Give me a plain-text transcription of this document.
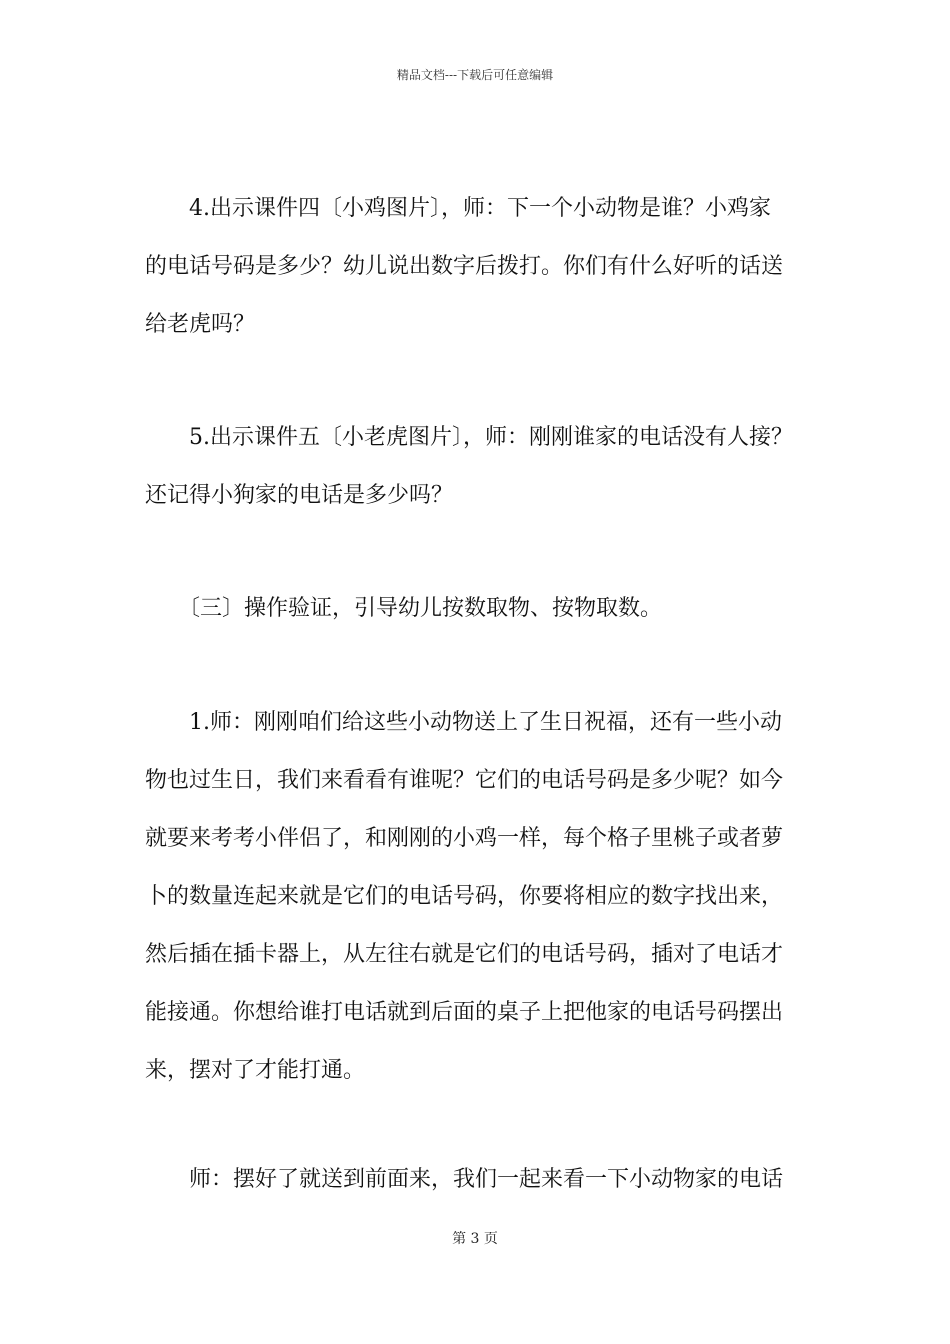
精品文档---下载后可任意编辑
　　4.出示课件四〔小鸡图片〕，师：下一个小动物是谁？小鸡家
的电话号码是多少？幼儿说出数字后拨打。你们有什么好听的话送
给老虎吗？
　　5.出示课件五〔小老虎图片〕，师：刚刚谁家的电话没有人接？
还记得小狗家的电话是多少吗？
　　〔三〕操作验证，引导幼儿按数取物、按物取数。
　　1.师：刚刚咱们给这些小动物送上了生日祝福，还有一些小动
物也过生日，我们来看看有谁呢？它们的电话号码是多少呢？如今
就要来考考小伴侣了，和刚刚的小鸡一样，每个格子里桃子或者萝
卜的数量连起来就是它们的电话号码，你要将相应的数字找出来，
然后插在插卡器上，从左往右就是它们的电话号码，插对了电话才
能接通。你想给谁打电话就到后面的桌子上把他家的电话号码摆出
来，摆对了才能打通。
　　师：摆好了就送到前面来，我们一起来看一下小动物家的电话
第 3 页
